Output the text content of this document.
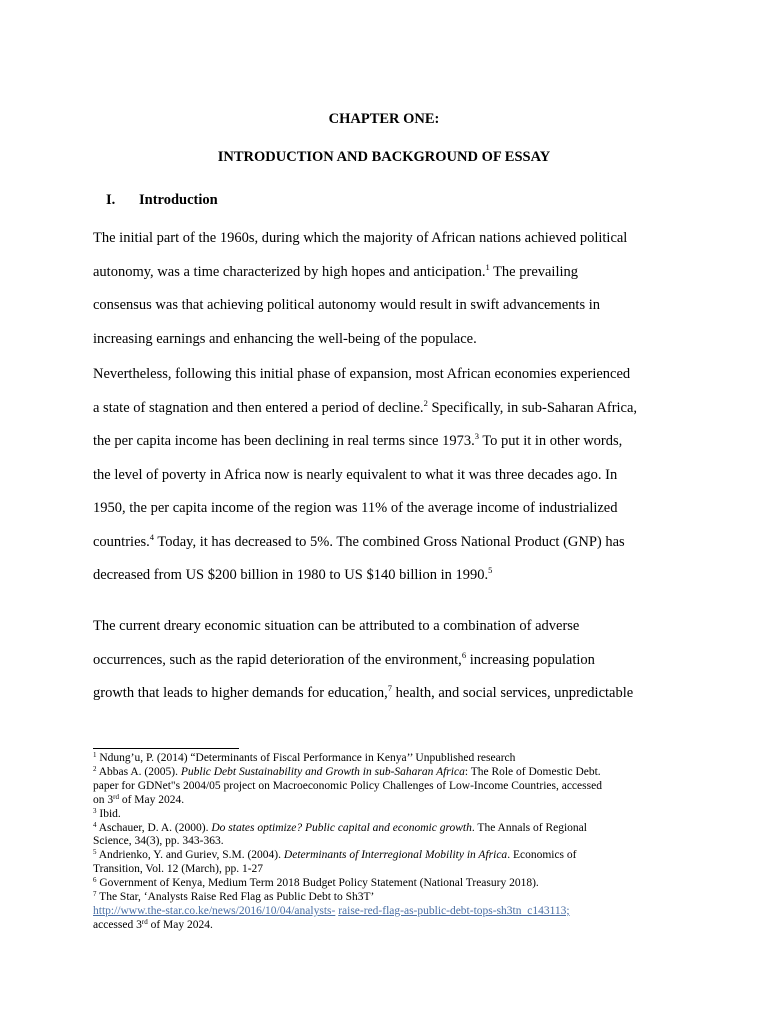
CHAPTER ONE:
INTRODUCTION AND BACKGROUND OF ESSAY
I. Introduction

The initial part of the 1960s, during which the majority of African nations achieved political
autonomy, was a time characterized by high hopes and anticipation.$^1$ The prevailing
consensus was that achieving political autonomy would result in swift advancements in
increasing earnings and enhancing the well-being of the populace.

Nevertheless, following this initial phase of expansion, most African economies experienced
a state of stagnation and then entered a period of decline.$^2$ Specifically, in sub-Saharan Africa,
the per capita income has been declining in real terms since 1973.$^3$ To put it in other words,
the level of poverty in Africa now is nearly equivalent to what it was three decades ago. In
1950, the per capita income of the region was 11% of the average income of industrialized
countries.$^4$ Today, it has decreased to 5%. The combined Gross National Product (GNP) has
decreased from US $200 billion in 1980 to US $140 billion in 1990.$^5$

The current dreary economic situation can be attributed to a combination of adverse
occurrences, such as the rapid deterioration of the environment,$^6$ increasing population
growth that leads to higher demands for education,$^7$ health, and social services, unpredictable

$^1$ Ndung’u, P. (2014) “Determinants of Fiscal Performance in Kenya’’ Unpublished research
$^2$ Abbas A. (2005). Public Debt Sustainability and Growth in sub-Saharan Africa: The Role of Domestic Debt.
paper for GDNet"s 2004/05 project on Macroeconomic Policy Challenges of Low-Income Countries, accessed
on 3rd of May 2024.
$^3$ Ibid.
$^4$ Aschauer, D. A. (2000). Do states optimize? Public capital and economic growth. The Annals of Regional
Science, 34(3), pp. 343-363.
$^5$ Andrienko, Y. and Guriev, S.M. (2004). Determinants of Interregional Mobility in Africa. Economics of
Transition, Vol. 12 (March), pp. 1-27
$^6$ Government of Kenya, Medium Term 2018 Budget Policy Statement (National Treasury 2018).
$^7$ The Star, ‘Analysts Raise Red Flag as Public Debt to Sh3T’
http://www.the-star.co.ke/news/2016/10/04/analysts- raise-red-flag-as-public-debt-tops-sh3tn_c143113;
accessed 3rd of May 2024.
